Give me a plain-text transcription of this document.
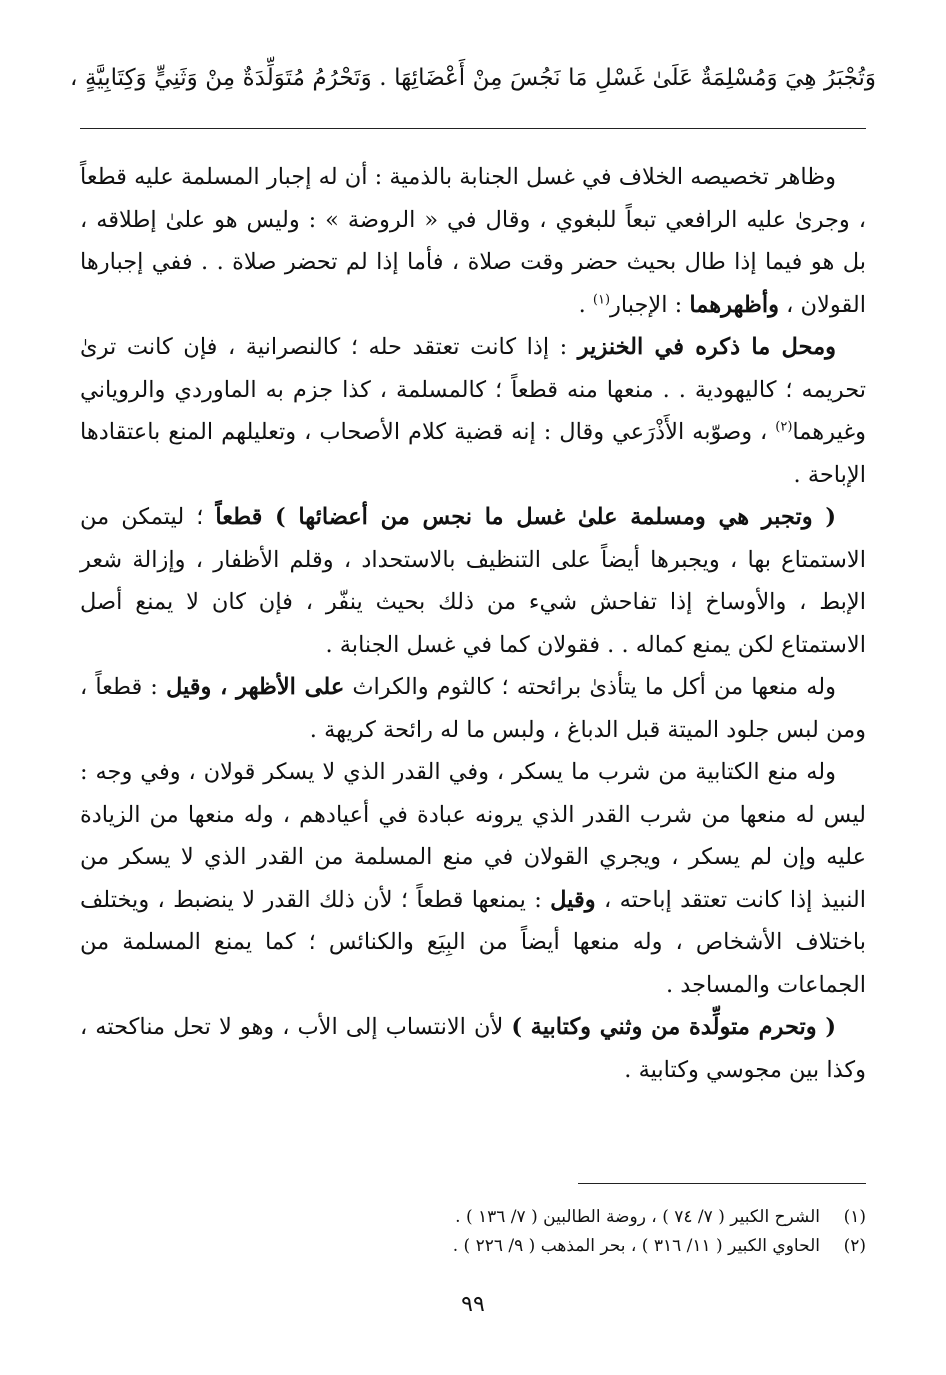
وَتُجْبَرُ هِيَ وَمُسْلِمَةٌ عَلَىٰ غَسْلِ مَا نَجُسَ مِنْ أَعْضَائِهَا . وَتَحْرُمُ مُتَوَلِّدَةٌ مِنْ وَثَنِيٍّ وَكِتَابِيَّةٍ ،

وظاهر تخصيصه الخلاف في غسل الجنابة بالذمية : أن له إجبار المسلمة عليه قطعاً ، وجرىٰ عليه الرافعي تبعاً للبغوي ، وقال في « الروضة » : وليس هو علىٰ إطلاقه ، بل هو فيما إذا طال بحيث حضر وقت صلاة ، فأما إذا لم تحضر صلاة . . ففي إجبارها القولان ، وأظهرهما : الإجبار$^{(١)}$ .

ومحل ما ذكره في الخنزير : إذا كانت تعتقد حله ؛ كالنصرانية ، فإن كانت ترىٰ تحريمه ؛ كاليهودية . . منعها منه قطعاً ؛ كالمسلمة ، كذا جزم به الماوردي والروياني وغيرهما$^{(٢)}$ ، وصوّبه الأَذْرَعي وقال : إنه قضية كلام الأصحاب ، وتعليلهم المنع باعتقادها الإباحة .

( وتجبر هي ومسلمة علىٰ غسل ما نجس من أعضائها ) قطعاً ؛ ليتمكن من الاستمتاع بها ، ويجبرها أيضاً على التنظيف بالاستحداد ، وقلم الأظفار ، وإزالة شعر الإبط ، والأوساخ إذا تفاحش شيء من ذلك بحيث ينفّر ، فإن كان لا يمنع أصل الاستمتاع لكن يمنع كماله . . فقولان كما في غسل الجنابة .

وله منعها من أكل ما يتأذىٰ برائحته ؛ كالثوم والكراث على الأظهر ، وقيل : قطعاً ، ومن لبس جلود الميتة قبل الدباغ ، ولبس ما له رائحة كريهة .

وله منع الكتابية من شرب ما يسكر ، وفي القدر الذي لا يسكر قولان ، وفي وجه : ليس له منعها من شرب القدر الذي يرونه عبادة في أعيادهم ، وله منعها من الزيادة عليه وإن لم يسكر ، ويجري القولان في منع المسلمة من القدر الذي لا يسكر من النبيذ إذا كانت تعتقد إباحته ، وقيل : يمنعها قطعاً ؛ لأن ذلك القدر لا ينضبط ، ويختلف باختلاف الأشخاص ، وله منعها أيضاً من البِيَع والكنائس ؛ كما يمنع المسلمة من الجماعات والمساجد .

( وتحرم متولِّدة من وثني وكتابية ) لأن الانتساب إلى الأب ، وهو لا تحل مناكحته ، وكذا بين مجوسي وكتابية .

(١)
الشرح الكبير ( ٧/ ٧٤ ) ، روضة الطالبين ( ٧/ ١٣٦ ) .
(٢)
الحاوي الكبير ( ١١/ ٣١٦ ) ، بحر المذهب ( ٩/ ٢٢٦ ) .
٩٩
